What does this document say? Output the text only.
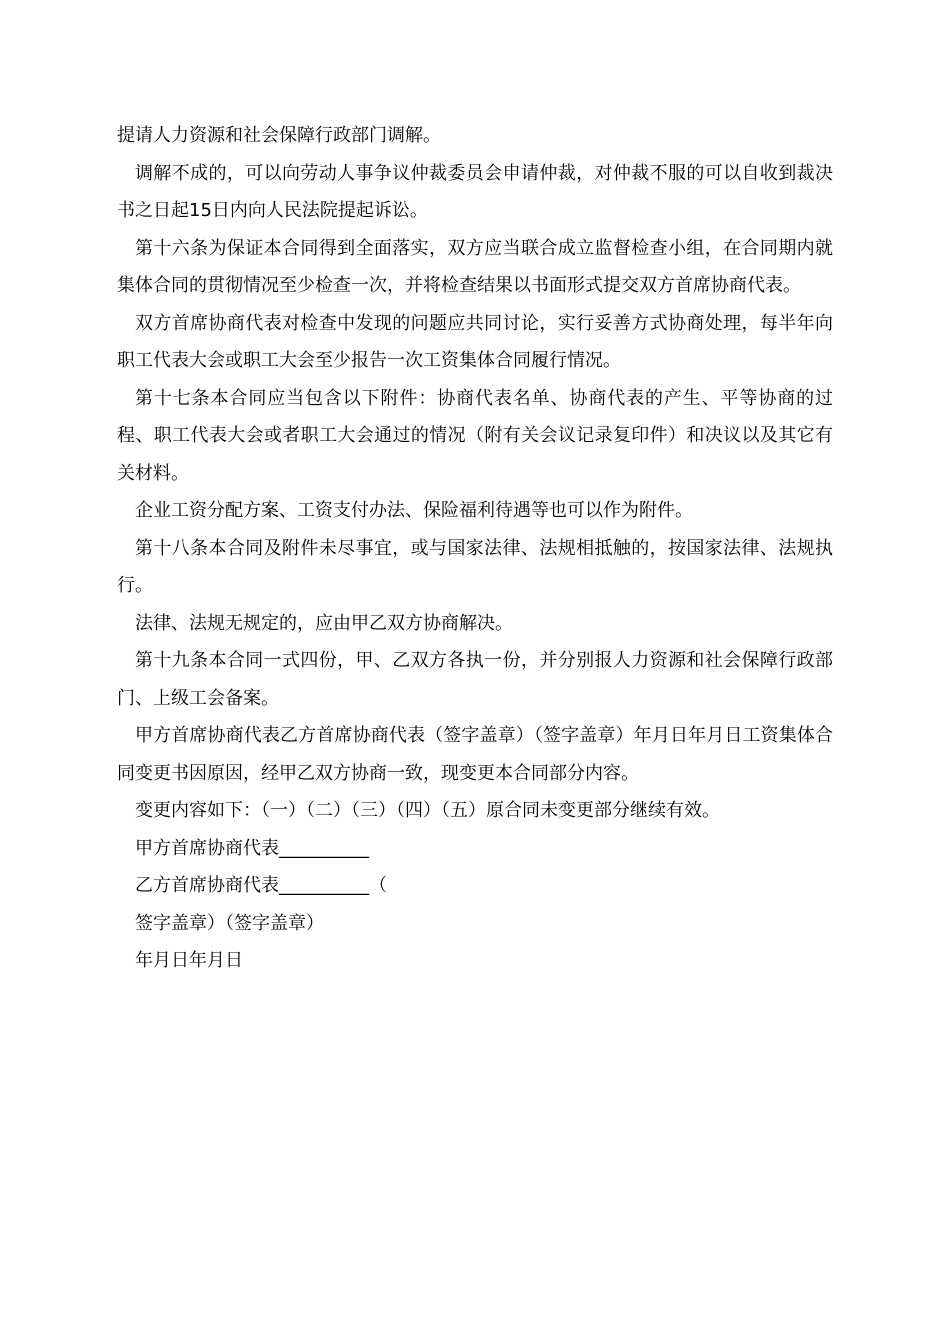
提请人力资源和社会保障行政部门调解。

调解不成的，可以向劳动人事争议仲裁委员会申请仲裁，对仲裁不服的可以自收到裁决书之日起15日内向人民法院提起诉讼。

第十六条为保证本合同得到全面落实，双方应当联合成立监督检查小组，在合同期内就集体合同的贯彻情况至少检查一次，并将检查结果以书面形式提交双方首席协商代表。

双方首席协商代表对检查中发现的问题应共同讨论，实行妥善方式协商处理，每半年向职工代表大会或职工大会至少报告一次工资集体合同履行情况。

第十七条本合同应当包含以下附件：协商代表名单、协商代表的产生、平等协商的过程、职工代表大会或者职工大会通过的情况（附有关会议记录复印件）和决议以及其它有关材料。

企业工资分配方案、工资支付办法、保险福利待遇等也可以作为附件。

第十八条本合同及附件未尽事宜，或与国家法律、法规相抵触的，按国家法律、法规执行。

法律、法规无规定的，应由甲乙双方协商解决。

第十九条本合同一式四份，甲、乙双方各执一份，并分别报人力资源和社会保障行政部门、上级工会备案。

甲方首席协商代表乙方首席协商代表（签字盖章）（签字盖章）年月日年月日工资集体合同变更书因原因，经甲乙双方协商一致，现变更本合同部分内容。

变更内容如下：（一）（二）（三）（四）（五）原合同未变更部分继续有效。

甲方首席协商代表__________

乙方首席协商代表__________（

签字盖章）（签字盖章）

年月日年月日
